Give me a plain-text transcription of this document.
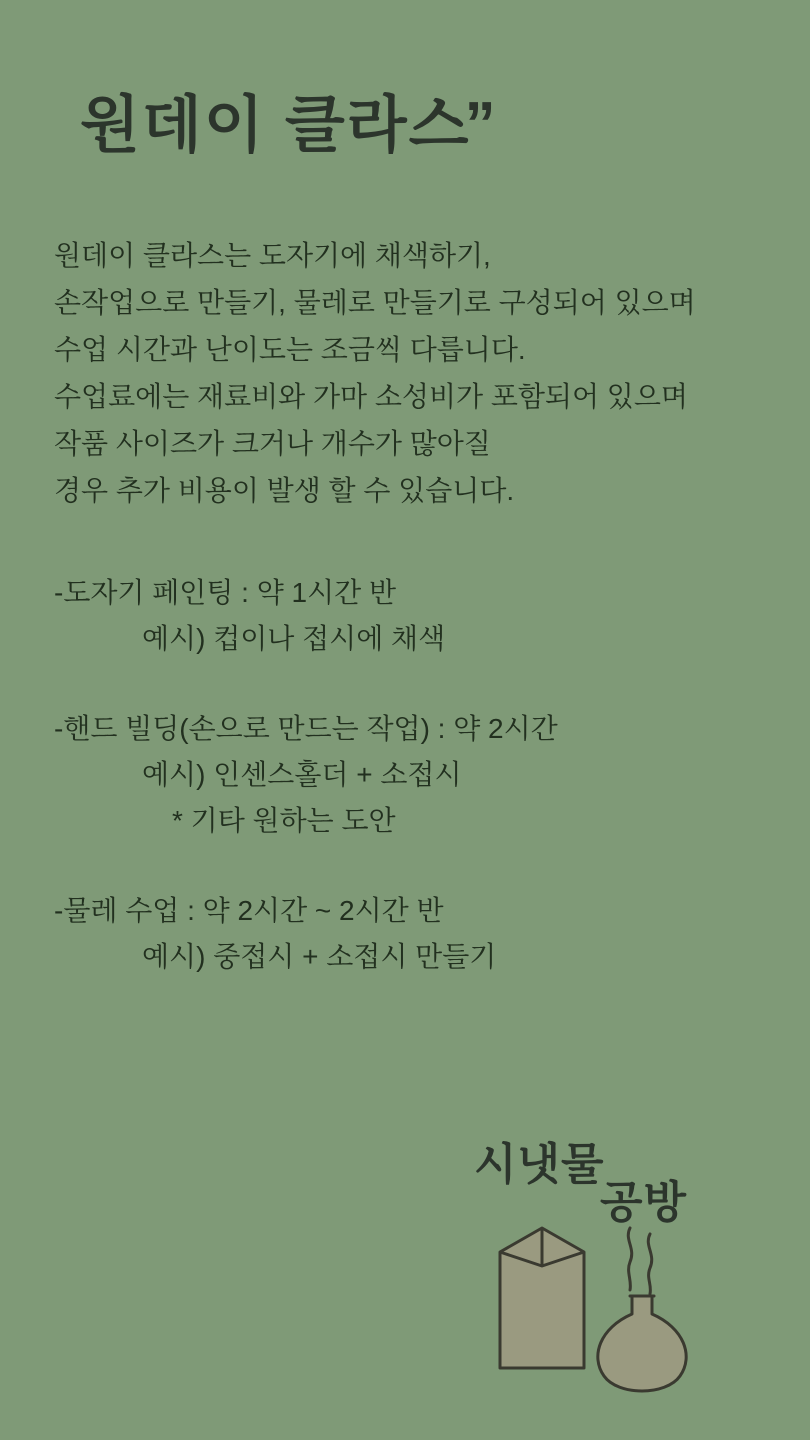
원데이 클라스
”

원데이 클라스는 도자기에 채색하기,

손작업으로 만들기, 물레로 만들기로 구성되어 있으며

수업 시간과 난이도는 조금씩 다릅니다.

수업료에는 재료비와 가마 소성비가 포함되어 있으며

작품 사이즈가 크거나 개수가 많아질

경우 추가 비용이 발생 할 수 있습니다.

-도자기 페인팅 : 약 1시간 반
예시) 컵이나 접시에 채색
-핸드 빌딩(손으로 만드는 작업) : 약 2시간
예시) 인센스홀더 + 소접시
* 기타 원하는 도안
-물레 수업 : 약 2시간 ~ 2시간 반
예시) 중접시 + 소접시 만들기
시냇물
공방
